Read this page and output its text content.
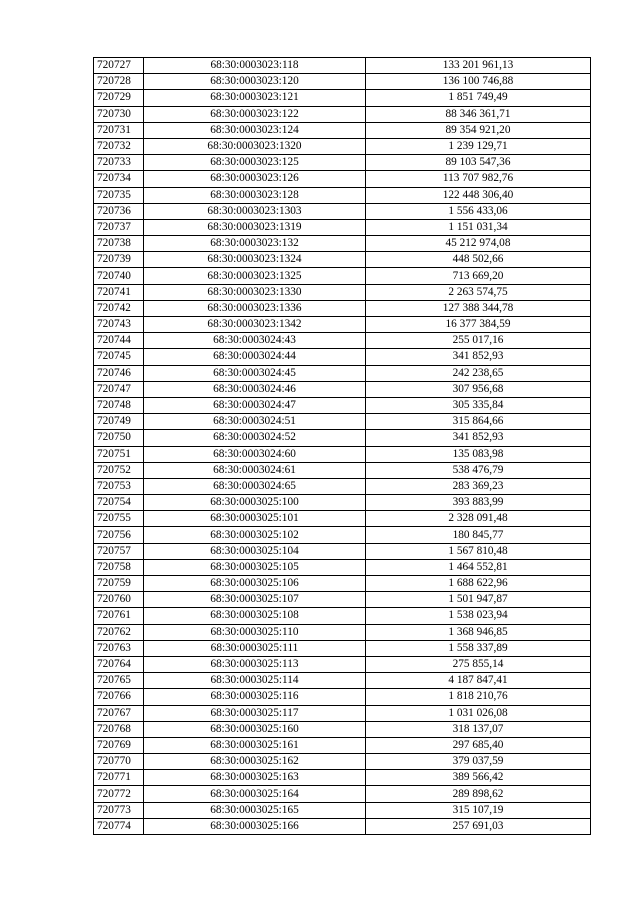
720727	68:30:0003023:118	133 201 961,13
720728	68:30:0003023:120	136 100 746,88
720729	68:30:0003023:121	1 851 749,49
720730	68:30:0003023:122	88 346 361,71
720731	68:30:0003023:124	89 354 921,20
720732	68:30:0003023:1320	1 239 129,71
720733	68:30:0003023:125	89 103 547,36
720734	68:30:0003023:126	113 707 982,76
720735	68:30:0003023:128	122 448 306,40
720736	68:30:0003023:1303	1 556 433,06
720737	68:30:0003023:1319	1 151 031,34
720738	68:30:0003023:132	45 212 974,08
720739	68:30:0003023:1324	448 502,66
720740	68:30:0003023:1325	713 669,20
720741	68:30:0003023:1330	2 263 574,75
720742	68:30:0003023:1336	127 388 344,78
720743	68:30:0003023:1342	16 377 384,59
720744	68:30:0003024:43	255 017,16
720745	68:30:0003024:44	341 852,93
720746	68:30:0003024:45	242 238,65
720747	68:30:0003024:46	307 956,68
720748	68:30:0003024:47	305 335,84
720749	68:30:0003024:51	315 864,66
720750	68:30:0003024:52	341 852,93
720751	68:30:0003024:60	135 083,98
720752	68:30:0003024:61	538 476,79
720753	68:30:0003024:65	283 369,23
720754	68:30:0003025:100	393 883,99
720755	68:30:0003025:101	2 328 091,48
720756	68:30:0003025:102	180 845,77
720757	68:30:0003025:104	1 567 810,48
720758	68:30:0003025:105	1 464 552,81
720759	68:30:0003025:106	1 688 622,96
720760	68:30:0003025:107	1 501 947,87
720761	68:30:0003025:108	1 538 023,94
720762	68:30:0003025:110	1 368 946,85
720763	68:30:0003025:111	1 558 337,89
720764	68:30:0003025:113	275 855,14
720765	68:30:0003025:114	4 187 847,41
720766	68:30:0003025:116	1 818 210,76
720767	68:30:0003025:117	1 031 026,08
720768	68:30:0003025:160	318 137,07
720769	68:30:0003025:161	297 685,40
720770	68:30:0003025:162	379 037,59
720771	68:30:0003025:163	389 566,42
720772	68:30:0003025:164	289 898,62
720773	68:30:0003025:165	315 107,19
720774	68:30:0003025:166	257 691,03
